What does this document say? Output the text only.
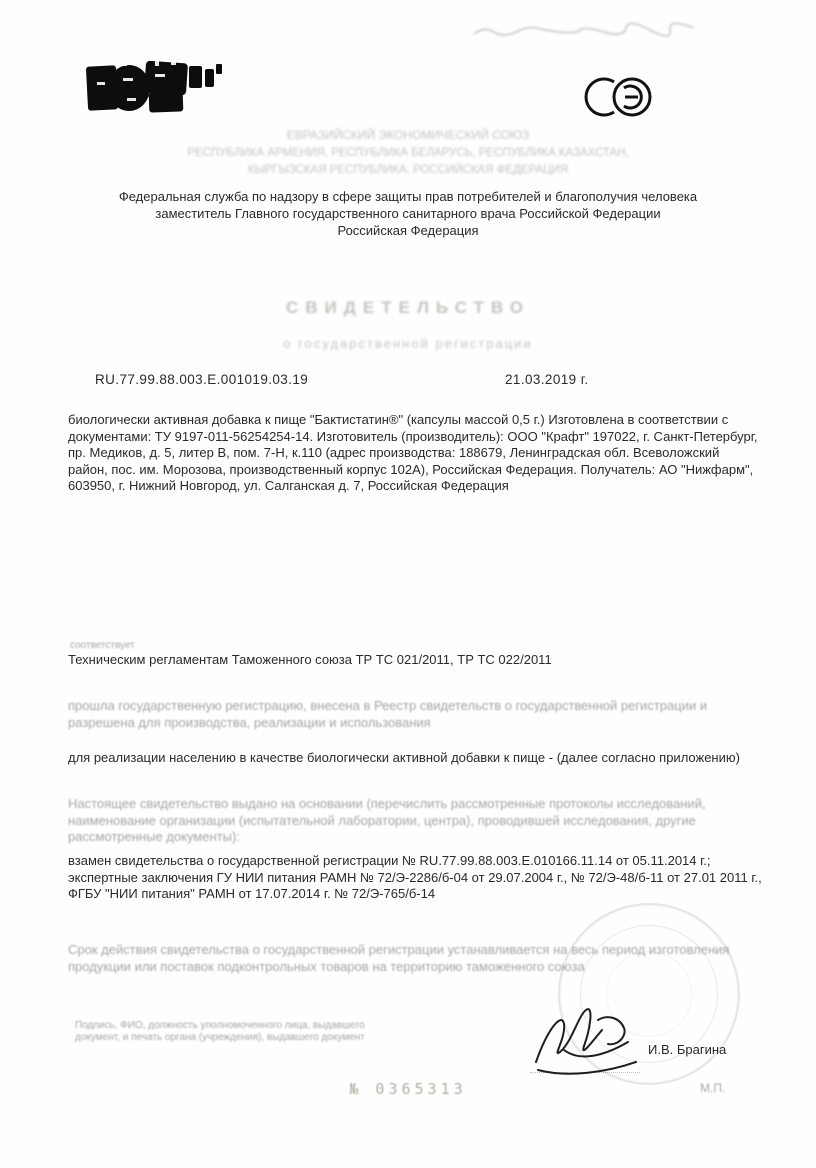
ЕВРАЗИЙСКИЙ ЭКОНОМИЧЕСКИЙ СОЮЗ
РЕСПУБЛИКА АРМЕНИЯ, РЕСПУБЛИКА БЕЛАРУСЬ, РЕСПУБЛИКА КАЗАХСТАН,
КЫРГЫЗСКАЯ РЕСПУБЛИКА, РОССИЙСКАЯ ФЕДЕРАЦИЯ
Федеральная служба по надзору в сфере защиты прав потребителей и благополучия человека
заместитель Главного государственного санитарного врача Российской Федерации
Российская Федерация
СВИДЕТЕЛЬСТВО
о государственной регистрации
RU.77.99.88.003.E.001019.03.19	21.03.2019 г.
биологически активная добавка к пище "Бактистатин®" (капсулы массой 0,5 г.) Изготовлена в соответствии с документами: ТУ 9197-011-56254254-14. Изготовитель (производитель): ООО "Крафт" 197022, г. Санкт-Петербург, пр. Медиков, д. 5, литер В, пом. 7-Н, к.110 (адрес производства: 188679, Ленинградская обл. Всеволожский район, пос. им. Морозова, производственный корпус 102А), Российская Федерация. Получатель: АО "Нижфарм", 603950, г. Нижний Новгород, ул. Салганская д. 7, Российская Федерация
соответствует
Техническим регламентам Таможенного союза ТР ТС 021/2011, ТР ТС 022/2011
прошла государственную регистрацию, внесена в Реестр свидетельств о государственной регистрации и разрешена для производства, реализации и использования
для реализации населению в качестве биологически активной добавки к пище - (далее согласно приложению)
Настоящее свидетельство выдано на основании (перечислить рассмотренные протоколы исследований, наименование организации (испытательной лаборатории, центра), проводившей исследования, другие рассмотренные документы):
взамен свидетельства о государственной регистрации № RU.77.99.88.003.E.010166.11.14 от 05.11.2014 г.; экспертные заключения ГУ НИИ питания РАМН № 72/Э-2286/б-04 от 29.07.2004 г., № 72/Э-48/б-11 от 27.01 2011 г., ФГБУ "НИИ питания" РАМН от 17.07.2014 г. № 72/Э-765/б-14
Срок действия свидетельства о государственной регистрации устанавливается на весь период изготовления продукции или поставок подконтрольных товаров на территорию таможенного союза
Подпись, ФИО, должность уполномоченного лица, выдавшего документ, и печать органа (учреждения), выдавшего документ
И.В. Брагина
№ 0365313	М.П.
